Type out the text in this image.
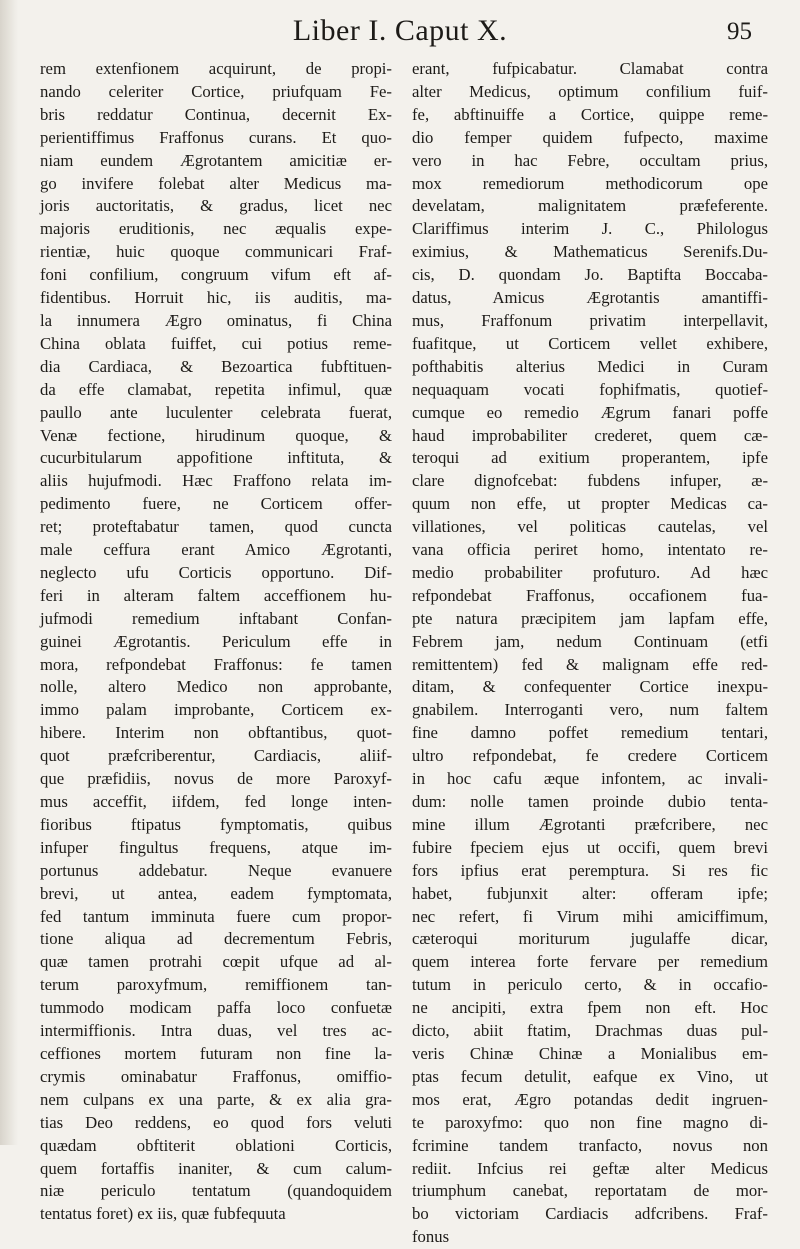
Liber I. Caput X.	95
rem extenfionem acquirunt, de propi-
nando celeriter Cortice, priufquam Fe-
bris reddatur Continua, decernit Ex-
perientiffimus Fraffonus curans. Et quo-
niam eundem Ægrotantem amicitiæ er-
go invifere folebat alter Medicus ma-
joris auctoritatis, & gradus, licet nec
majoris eruditionis, nec æqualis expe-
rientiæ, huic quoque communicari Fraf-
foni confilium, congruum vifum eft af-
fidentibus. Horruit hic, iis auditis, ma-
la innumera Ægro ominatus, fi China
China oblata fuiffet, cui potius reme-
dia Cardiaca, & Bezoartica fubftituen-
da effe clamabat, repetita infimul, quæ
paullo ante luculenter celebrata fuerat,
Venæ fectione, hirudinum quoque, &
cucurbitularum appofitione inftituta, &
aliis hujufmodi. Hæc Fraffono relata im-
pedimento fuere, ne Corticem offer-
ret; proteftabatur tamen, quod cuncta
male ceffura erant Amico Ægrotanti,
neglecto ufu Corticis opportuno. Dif-
feri in alteram faltem acceffionem hu-
jufmodi remedium inftabant Confan-
guinei Ægrotantis. Periculum effe in
mora, refpondebat Fraffonus: fe tamen
nolle, altero Medico non approbante,
immo palam improbante, Corticem ex-
hibere. Interim non obftantibus, quot-
quot præfcriberentur, Cardiacis, aliif-
que præfidiis, novus de more Paroxyf-
mus acceffit, iifdem, fed longe inten-
fioribus ftipatus fymptomatis, quibus
infuper fingultus frequens, atque im-
portunus addebatur. Neque evanuere
brevi, ut antea, eadem fymptomata,
fed tantum imminuta fuere cum propor-
tione aliqua ad decrementum Febris,
quæ tamen protrahi cœpit ufque ad al-
terum paroxyfmum, remiffionem tan-
tummodo modicam paffa loco confuetæ
intermiffionis. Intra duas, vel tres ac-
ceffiones mortem futuram non fine la-
crymis ominabatur Fraffonus, omiffio-
nem culpans ex una parte, & ex alia gra-
tias Deo reddens, eo quod fors veluti
quædam obftiterit oblationi Corticis,
quem fortaffis inaniter, & cum calum-
niæ periculo tentatum (quandoquidem
tentatus foret) ex iis, quæ fubfequuta
erant, fufpicabatur. Clamabat contra
alter Medicus, optimum confilium fuif-
fe, abftinuiffe a Cortice, quippe reme-
dio femper quidem fufpecto, maxime
vero in hac Febre, occultam prius,
mox remediorum methodicorum ope
develatam, malignitatem præfeferente.
Clariffimus interim J. C., Philologus
eximius, & Mathematicus Serenifs.Du-
cis, D. quondam Jo. Baptifta Boccaba-
datus, Amicus Ægrotantis amantiffi-
mus, Fraffonum privatim interpellavit,
fuafitque, ut Corticem vellet exhibere,
pofthabitis alterius Medici in Curam
nequaquam vocati fophifmatis, quotief-
cumque eo remedio Ægrum fanari poffe
haud improbabiliter crederet, quem cæ-
teroqui ad exitium properantem, ipfe
clare dignofcebat: fubdens infuper, æ-
quum non effe, ut propter Medicas ca-
villationes, vel politicas cautelas, vel
vana officia periret homo, intentato re-
medio probabiliter profuturo. Ad hæc
refpondebat Fraffonus, occafionem fua-
pte natura præcipitem jam lapfam effe,
Febrem jam, nedum Continuam (etfi
remittentem) fed & malignam effe red-
ditam, & confequenter Cortice inexpu-
gnabilem. Interroganti vero, num faltem
fine damno poffet remedium tentari,
ultro refpondebat, fe credere Corticem
in hoc cafu æque infontem, ac invali-
dum: nolle tamen proinde dubio tenta-
mine illum Ægrotanti præfcribere, nec
fubire fpeciem ejus ut occifi, quem brevi
fors ipfius erat peremptura. Si res fic
habet, fubjunxit alter: offeram ipfe;
nec refert, fi Virum mihi amiciffimum,
cæteroqui moriturum jugulaffe dicar,
quem interea forte fervare per remedium
tutum in periculo certo, & in occafio-
ne ancipiti, extra fpem non eft. Hoc
dicto, abiit ftatim, Drachmas duas pul-
veris Chinæ Chinæ a Monialibus em-
ptas fecum detulit, eafque ex Vino, ut
mos erat, Ægro potandas dedit ingruen-
te paroxyfmo: quo non fine magno di-
fcrimine tandem tranfacto, novus non
rediit. Infcius rei geftæ alter Medicus
triumphum canebat, reportatam de mor-
bo victoriam Cardiacis adfcribens. Fraf-
fonus
